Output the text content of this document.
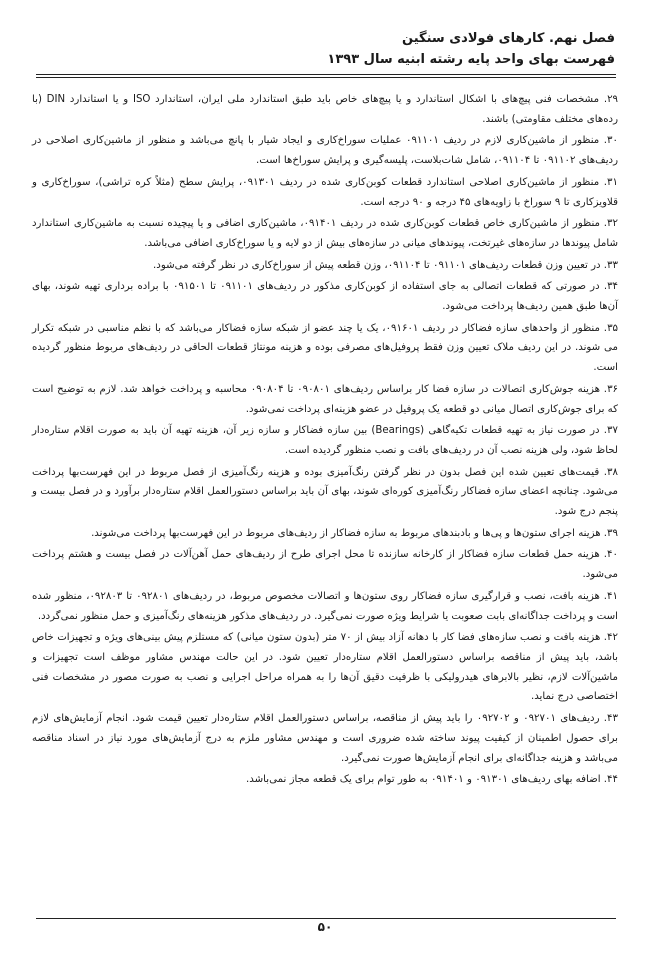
فصل نهم. کارهای فولادی سنگین
فهرست بهای واحد پایه رشته ابنیه سال ۱۳۹۳

۲۹. مشخصات فنی پیچ‌های با اشکال استاندارد و یا پیچ‌های خاص باید طبق استاندارد ملی ایران، استاندارد ISO و یا استاندارد DIN (با رده‌های مختلف مقاومتی) باشند.

۳۰. منظور از ماشین‌کاری لازم در ردیف ۰۹۱۱۰۱ عملیات سوراخ‌کاری و ایجاد شیار با پانچ می‌باشد و منظور از ماشین‌کاری اصلاحی در ردیف‌های ۰۹۱۱۰۲ تا ۰۹۱۱۰۴، شامل شات‌بلاست، پلیسه‌گیری و پرایش سوراخ‌ها است.

۳۱. منظور از ماشین‌کاری اصلاحی استاندارد قطعات کوبن‌کاری شده در ردیف ۰۹۱۳۰۱، پرایش سطح (مثلاً کره تراشی)، سوراخ‌کاری و قلاویزکاری تا ۹ سوراخ با زاویه‌های ۴۵ درجه و ۹۰ درجه است.

۳۲. منظور از ماشین‌کاری خاص قطعات کوبن‌کاری شده در ردیف ۰۹۱۴۰۱، ماشین‌کاری اضافی و یا پیچیده نسبت به ماشین‌کاری استاندارد شامل پیوندها در سازه‌های غیرتخت، پیوندهای میانی در سازه‌های بیش از دو لایه و یا سوراخ‌کاری اضافی می‌باشد.

۳۳. در تعیین وزن قطعات ردیف‌های ۰۹۱۱۰۱ تا ۰۹۱۱۰۴، وزن قطعه پیش از سوراخ‌کاری در نظر گرفته می‌شود.

۳۴. در صورتی که قطعات اتصالی به جای استفاده از کوبن‌کاری مذکور در ردیف‌های ۰۹۱۱۰۱ تا ۰۹۱۵۰۱ با براده برداری تهیه شوند، بهای آن‌ها طبق همین ردیف‌ها پرداخت می‌شود.

۳۵. منظور از واحدهای سازه فضاکار در ردیف ۰۹۱۶۰۱، یک یا چند عضو از شبکه سازه فضاکار می‌باشد که با نظم مناسبی در شبکه تکرار می شوند. در این ردیف ملاک تعیین وزن فقط پروفیل‌های مصرفی بوده و هزینه مونتاژ قطعات الحاقی در ردیف‌های مربوط منظور گردیده است.

۳۶. هزینه جوش‌کاری اتصالات در سازه فضا کار براساس ردیف‌های ۰۹۰۸۰۱ تا ۰۹۰۸۰۴ محاسبه و پرداخت خواهد شد. لازم به توضیح است که برای جوش‌کاری اتصال میانی دو قطعه یک پروفیل در عضو هزینه‌ای پرداخت نمی‌شود.

۳۷. در صورت نیاز به تهیه قطعات تکیه‌گاهی (Bearings) بین سازه فضاکار و سازه زیر آن، هزینه تهیه آن باید به صورت اقلام ستاره‌دار لحاظ شود، ولی هزینه نصب آن در ردیف‌های بافت و نصب منظور گردیده است.

۳۸. قیمت‌های تعیین شده این فصل بدون در نظر گرفتن رنگ‌آمیزی بوده و هزینه رنگ‌آمیزی از فصل مربوط در این فهرست‌بها پرداخت می‌شود. چنانچه اعضای سازه فضاکار رنگ‌آمیزی کوره‌ای شوند، بهای آن باید براساس دستورالعمل اقلام ستاره‌دار برآورد و در فصل بیست و پنجم درج شود.

۳۹. هزینه اجرای ستون‌ها و پی‌ها و بادبندهای مربوط به سازه فضاکار از ردیف‌های مربوط در این فهرست‌بها پرداخت می‌شوند.

۴۰. هزینه حمل قطعات سازه فضاکار از کارخانه سازنده تا محل اجرای طرح از ردیف‌های حمل آهن‌آلات در فصل بیست و هشتم پرداخت می‌شود.

۴۱. هزینه بافت، نصب و قرارگیری سازه فضاکار روی ستون‌ها و اتصالات مخصوص مربوط، در ردیف‌های ۰۹۲۸۰۱ تا ۰۹۲۸۰۳، منظور شده است و پرداخت جداگانه‌ای بابت صعوبت یا شرایط ویژه صورت نمی‌گیرد. در ردیف‌های مذکور هزینه‌های رنگ‌آمیزی و حمل منظور نمی‌گردد.

۴۲. هزینه بافت و نصب سازه‌های فضا کار با دهانه آزاد بیش از ۷۰ متر (بدون ستون میانی) که مستلزم پیش بینی‌های ویژه و تجهیزات خاص باشد، باید پیش از مناقصه براساس دستورالعمل اقلام ستاره‌دار تعیین شود. در این حالت مهندس مشاور موظف است تجهیزات و ماشین‌آلات لازم، نظیر بالابرهای هیدرولیکی با ظرفیت دقیق آن‌ها را به همراه مراحل اجرایی و نصب به صورت مصور در مشخصات فنی اختصاصی درج نماید.

۴۳. ردیف‌های ۰۹۲۷۰۱ و ۰۹۲۷۰۲ را باید پیش از مناقصه، براساس دستورالعمل اقلام ستاره‌دار تعیین قیمت شود. انجام آزمایش‌های لازم برای حصول اطمینان از کیفیت پیوند ساخته شده ضروری است و مهندس مشاور ملزم به درج آزمایش‌های مورد نیاز در اسناد مناقصه می‌باشد و هزینه جداگانه‌ای برای انجام آزمایش‌ها صورت نمی‌گیرد.

۴۴. اضافه بهای ردیف‌های ۰۹۱۳۰۱ و ۰۹۱۴۰۱ به طور توام برای یک قطعه مجاز نمی‌باشد.

۵۰
